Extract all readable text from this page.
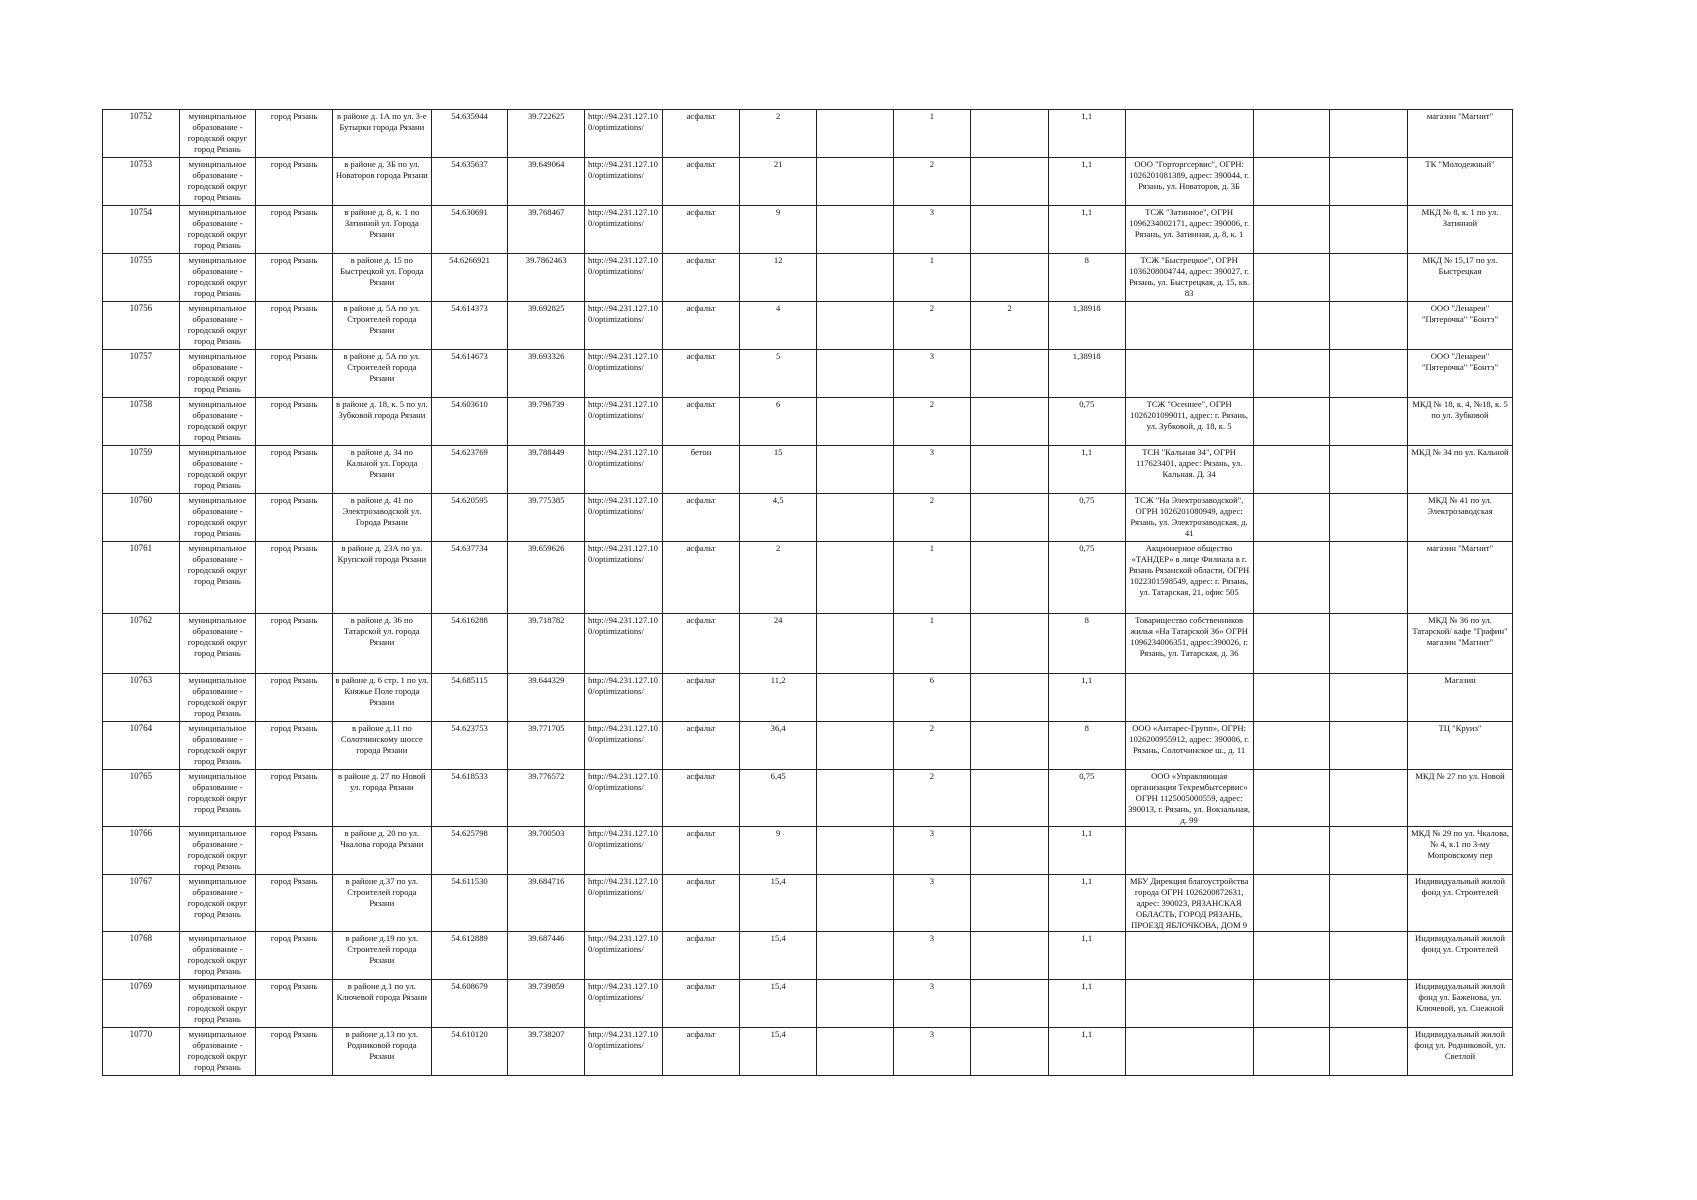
10752	муниципальное образование - городской округ город Рязань	город Рязань	в районе д. 1А по ул. 3-е Бутырки города Рязани	54.635944	39.722625	http://94.231.127.100/optimizations/	асфальт	2		1		1,1				магазин "Магнит"
10753	муниципальное образование - городской округ город Рязань	город Рязань	в районе д. 3Б по ул. Новаторов города Рязани	54.635637	39.649064	http://94.231.127.100/optimizations/	асфальт	21		2		1,1	ООО "Горторгсервис", ОГРН: 1026201081389, адрес: 390044, г. Рязань, ул. Новаторов, д. 3Б			ТК "Молодежный"
10754	муниципальное образование - городской округ город Рязань	город Рязань	в районе д. 8, к. 1 по Затинной ул. Города Рязани	54.630691	39.768467	http://94.231.127.100/optimizations/	асфальт	9		3		1,1	ТСЖ "Затинное", ОГРН 1096234002171, адрес: 390006, г. Рязань, ул. Затинная, д. 8, к. 1			МКД № 8, к. 1 по ул. Затинной
10755	муниципальное образование - городской округ город Рязань	город Рязань	в районе д. 15 по Быстрецкой ул. Города Рязани	54.6266921	39.7862463	http://94.231.127.100/optimizations/	асфальт	12		1		8	ТСЖ "Быстрецкое", ОГРН 1036208004744, адрес: 390027, г. Рязань, ул. Быстрецкая, д. 15, кв. 83			МКД № 15,17 по ул. Быстрецкая
10756	муниципальное образование - городской округ город Рязань	город Рязань	в районе д. 5А по ул. Строителей города Рязани	54.614373	39.692825	http://94.231.127.100/optimizations/	асфальт	4		2	2	1,38918				ООО "Ленареи" "Пятерочка" "Бонтэ"
10757	муниципальное образование - городской округ город Рязань	город Рязань	в районе д. 5А по ул. Строителей города Рязани	54.614673	39.693326	http://94.231.127.100/optimizations/	асфальт	5		3		1,38918				ООО "Ленареи" "Пятерочка" "Бонтэ"
10758	муниципальное образование - городской округ город Рязань	город Рязань	в районе д. 18, к. 5 по ул. Зубковой города Рязани	54.603610	39.796739	http://94.231.127.100/optimizations/	асфальт	6		2		0,75	ТСЖ "Осеннее", ОГРН 1026201099011, адрес: г. Рязань, ул. Зубковой, д. 18, к. 5			МКД № 18, к. 4, №18, к. 5 по ул. Зубковой
10759	муниципальное образование - городской округ город Рязань	город Рязань	в районе д. 34 по Кальной ул. Города Рязани	54.623769	39.788449	http://94.231.127.100/optimizations/	бетон	15		3		1,1	ТСН "Кальная 34", ОГРН 117623401, адрес: Рязань, ул. Кальная. Д. 34			МКД № 34 по ул. Кальной
10760	муниципальное образование - городской округ город Рязань	город Рязань	в районе д. 41 по Электрозаводской ул. Города Рязани	54.620595	39.775385	http://94.231.127.100/optimizations/	асфальт	4,5		2		0,75	ТСЖ "На Электрозаводской", ОГРН 1026201080949, адрес: Рязань, ул. Электрозаводская, д. 41			МКД № 41 по ул. Электрозаводская
10761	муниципальное образование - городской округ город Рязань	город Рязань	в районе д. 23А по ул. Крупской города Рязани	54.637734	39.659626	http://94.231.127.100/optimizations/	асфальт	2		1		0,75	Акционерное общество «ТАНДЕР» в лице Филиала в г. Рязань Рязанской области, ОГРН 1022301598549, адрес: г. Рязань, ул. Татарская, 21, офис 505			магазин "Магнит"
10762	муниципальное образование - городской округ город Рязань	город Рязань	в районе д. 36 по Татарской ул. города Рязани	54.616288	39.718782	http://94.231.127.100/optimizations/	асфальт	24		1		8	Товарищество собственников жилья «На Татарской 36» ОГРН 1096234006351, адрес:390026, г. Рязань, ул. Татарская, д. 36			МКД № 36 по ул. Татарской/ кафе "Графин" магазин "Магнит"
10763	муниципальное образование - городской округ город Рязань	город Рязань	в районе д. 6 стр. 1 по ул. Княжье Поле города Рязани	54.685115	39.644329	http://94.231.127.100/optimizations/	асфальт	11,2		6		1,1				Магазин
10764	муниципальное образование - городской округ город Рязань	город Рязань	в районе д.11 по Солотчинскому шоссе города Рязани	54.623753	39.771705	http://94.231.127.100/optimizations/	асфальт	36,4		2		8	ООО «Антарес-Групп», ОГРН: 1026200955912, адрес: 390006, г. Рязань, Солотчинское ш., д. 11			ТЦ "Круиз"
10765	муниципальное образование - городской округ город Рязань	город Рязань	в районе д. 27 по Новой ул. города Рязани	54.618533	39.776572	http://94.231.127.100/optimizations/	асфальт	6,45		2		0,75	ООО «Управляющая организация Техрембытсервис» ОГРН 1125005000559, адрес: 390013, г. Рязань, ул. Вокзальная, д. 99			МКД № 27 по ул. Новой
10766	муниципальное образование - городской округ город Рязань	город Рязань	в районе д. 20 по ул. Чкалова города Рязани	54.625798	39.700503	http://94.231.127.100/optimizations/	асфальт	9		3		1,1				МКД № 29 по ул. Чкалова, № 4, к.1 по 3-му Мопровскому пер
10767	муниципальное образование - городской округ город Рязань	город Рязань	в районе д.37 по ул. Строителей города Рязани	54.611530	39.684716	http://94.231.127.100/optimizations/	асфальт	15,4		3		1,1	МБУ Дирекция благоустройства города ОГРН 1026200872631, адрес: 390023, РЯЗАНСКАЯ ОБЛАСТЬ, ГОРОД РЯЗАНЬ, ПРОЕЗД ЯБЛОЧКОВА, ДОМ 9			Индивидуальный жилой фонд ул. Строителей
10768	муниципальное образование - городской округ город Рязань	город Рязань	в районе д.19 по ул. Строителей города Рязани	54.612889	39.687446	http://94.231.127.100/optimizations/	асфальт	15,4		3		1,1				Индивидуальный жилой фонд ул. Строителей
10769	муниципальное образование - городской округ город Рязань	город Рязань	в районе д.1 по ул. Ключевой города Рязани	54.608679	39.739859	http://94.231.127.100/optimizations/	асфальт	15,4		3		1,1				Индивидуальный жилой фонд ул. Баженова, ул. Ключевой, ул. Снежной
10770	муниципальное образование - городской округ город Рязань	город Рязань	в районе д.13 по ул. Родниковой города Рязани	54.610120	39.738207	http://94.231.127.100/optimizations/	асфальт	15,4		3		1,1				Индивидуальный жилой фонд ул. Родниковой, ул. Светлой
